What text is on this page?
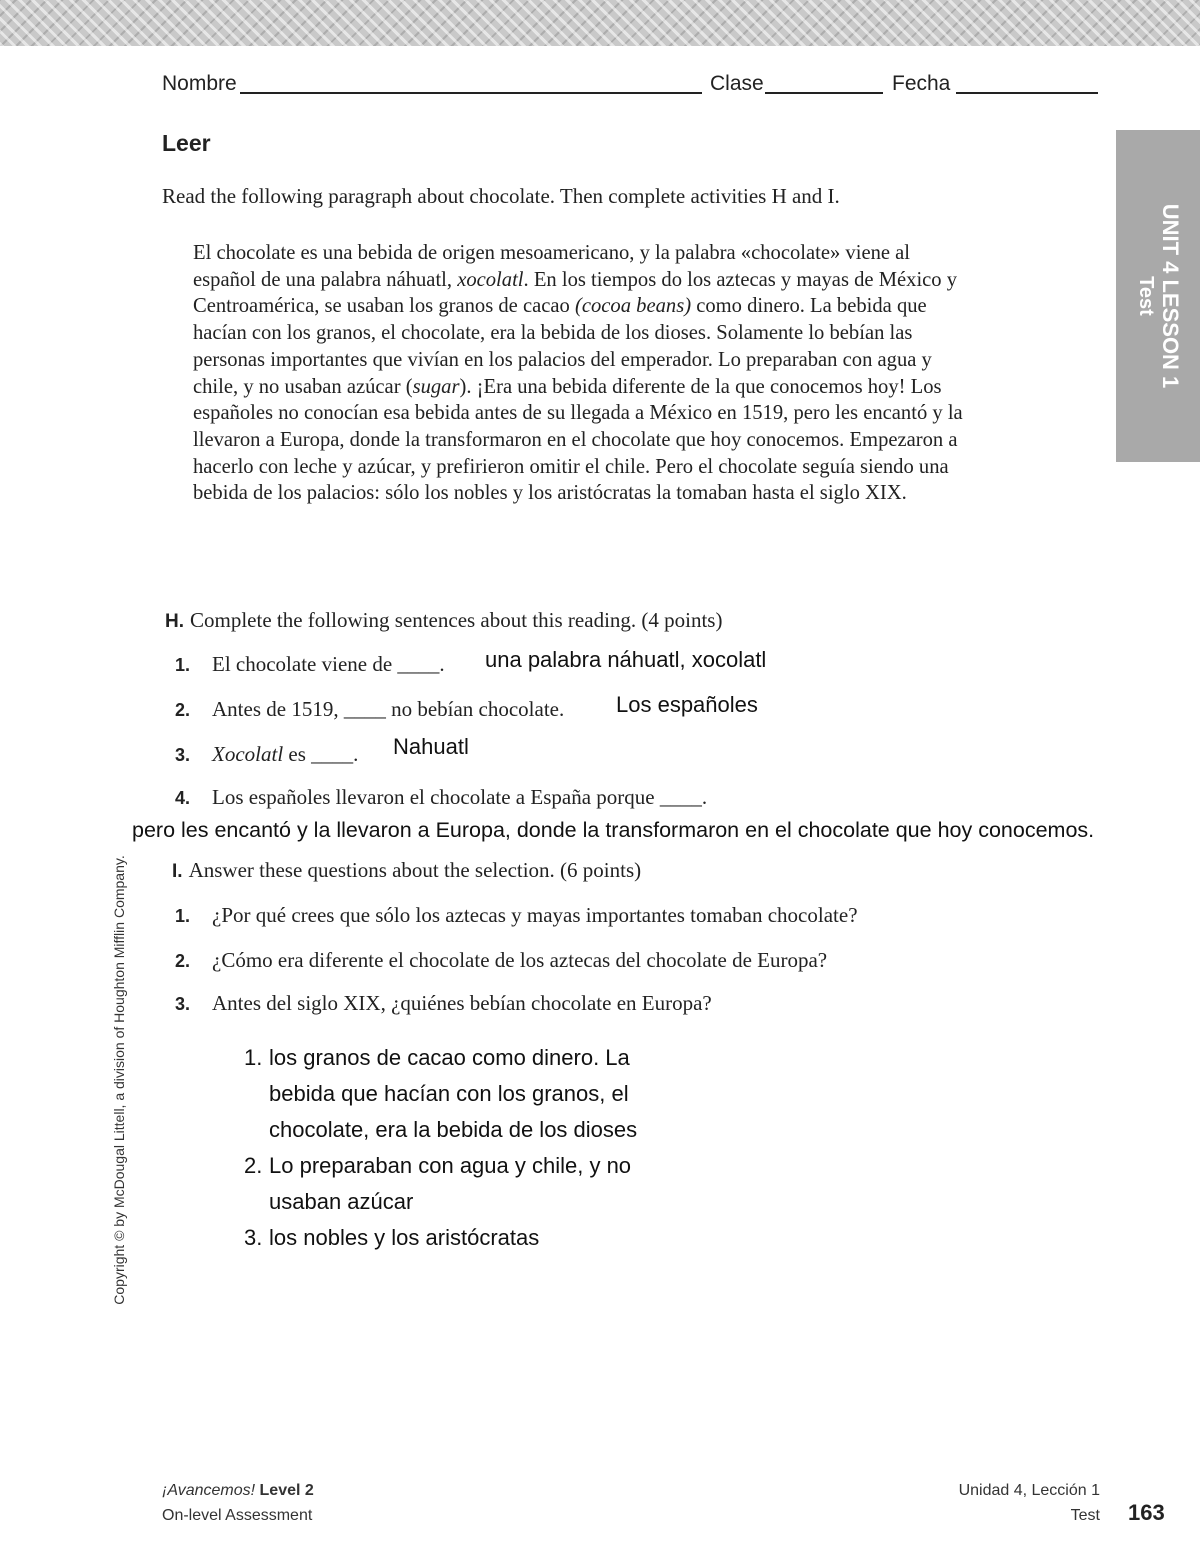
Nombre	Clase	Fecha
UNIT 4 LESSON 1
Test
Leer
Read the following paragraph about chocolate. Then complete activities H and I.

El chocolate es una bebida de origen mesoamericano, y la palabra «chocolate» viene al español de una palabra náhuatl, xocolatl. En los tiempos do los aztecas y mayas de México y Centroamérica, se usaban los granos de cacao (cocoa beans) como dinero. La bebida que hacían con los granos, el chocolate, era la bebida de los dioses. Solamente lo bebían las personas importantes que vivían en los palacios del emperador. Lo preparaban con agua y chile, y no usaban azúcar (sugar). ¡Era una bebida diferente de la que conocemos hoy! Los españoles no conocían esa bebida antes de su llegada a México en 1519, pero les encantó y la llevaron a Europa, donde la transformaron en el chocolate que hoy conocemos. Empezaron a hacerlo con leche y azúcar, y prefirieron omitir el chile. Pero el chocolate seguía siendo una bebida de los palacios: sólo los nobles y los aristócratas la tomaban hasta el siglo XIX.

H. Complete the following sentences about this reading. (4 points)
1. El chocolate viene de ____. una palabra náhuatl, xocolatl
2. Antes de 1519, ____ no bebían chocolate. Los españoles
3. Xocolatl es ____. Nahuatl
4. Los españoles llevaron el chocolate a España porque ____.
pero les encantó y la llevaron a Europa, donde la transformaron en el chocolate que hoy conocemos.
I. Answer these questions about the selection. (6 points)
1. ¿Por qué crees que sólo los aztecas y mayas importantes tomaban chocolate?
2. ¿Cómo era diferente el chocolate de los aztecas del chocolate de Europa?
3. Antes del siglo XIX, ¿quiénes bebían chocolate en Europa?
1. los granos de cacao como dinero. La
bebida que hacían con los granos, el
chocolate, era la bebida de los dioses
2. Lo preparaban con agua y chile, y no
usaban azúcar
3. los nobles y los aristócratas
Copyright © by McDougal Littell, a division of Houghton Mifflin Company.
¡Avancemos! Level 2
On-level Assessment
Unidad 4, Lección 1
Test 163
